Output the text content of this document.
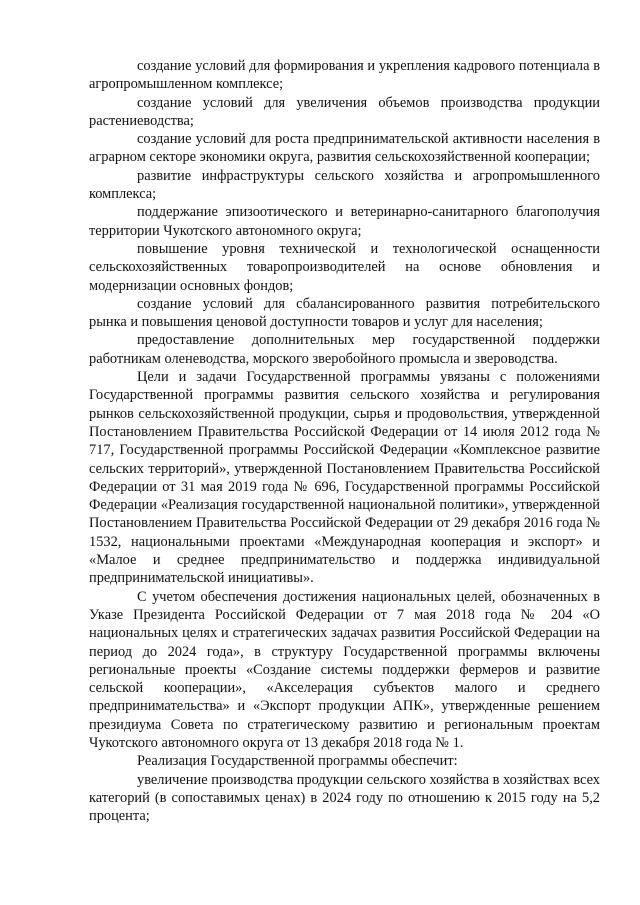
создание условий для формирования и укрепления кадрового потенциала в агропромышленном комплексе;

создание условий для увеличения объемов производства продукции растениеводства;

создание условий для роста предпринимательской активности населения в аграрном секторе экономики округа, развития сельскохозяйственной кооперации;

развитие инфраструктуры сельского хозяйства и агропромышленного комплекса;

поддержание эпизоотического и ветеринарно-санитарного благополучия территории Чукотского автономного округа;

повышение уровня технической и технологической оснащенности сельскохозяйственных товаропроизводителей на основе обновления и модернизации основных фондов;

создание условий для сбалансированного развития потребительского рынка и повышения ценовой доступности товаров и услуг для населения;

предоставление дополнительных мер государственной поддержки работникам оленеводства, морского зверобойного промысла и звероводства.

Цели и задачи Государственной программы увязаны с положениями Государственной программы развития сельского хозяйства и регулирования рынков сельскохозяйственной продукции, сырья и продовольствия, утвержденной Постановлением Правительства Российской Федерации от 14 июля 2012 года № 717, Государственной программы Российской Федерации «Комплексное развитие сельских территорий», утвержденной Постановлением Правительства Российской Федерации от 31 мая 2019 года № 696, Государственной программы Российской Федерации «Реализация государственной национальной политики», утвержденной Постановлением Правительства Российской Федерации от 29 декабря 2016 года № 1532, национальными проектами «Международная кооперация и экспорт» и «Малое и среднее предпринимательство и поддержка индивидуальной предпринимательской инициативы».

С учетом обеспечения достижения национальных целей, обозначенных в Указе Президента Российской Федерации от 7 мая 2018 года № 204 «О национальных целях и стратегических задачах развития Российской Федерации на период до 2024 года», в структуру Государственной программы включены региональные проекты «Создание системы поддержки фермеров и развитие сельской кооперации», «Акселерация субъектов малого и среднего предпринимательства» и «Экспорт продукции АПК», утвержденные решением президиума Совета по стратегическому развитию и региональным проектам Чукотского автономного округа от 13 декабря 2018 года № 1.

Реализация Государственной программы обеспечит:

увеличение производства продукции сельского хозяйства в хозяйствах всех категорий (в сопоставимых ценах) в 2024 году по отношению к 2015 году на 5,2 процента;
